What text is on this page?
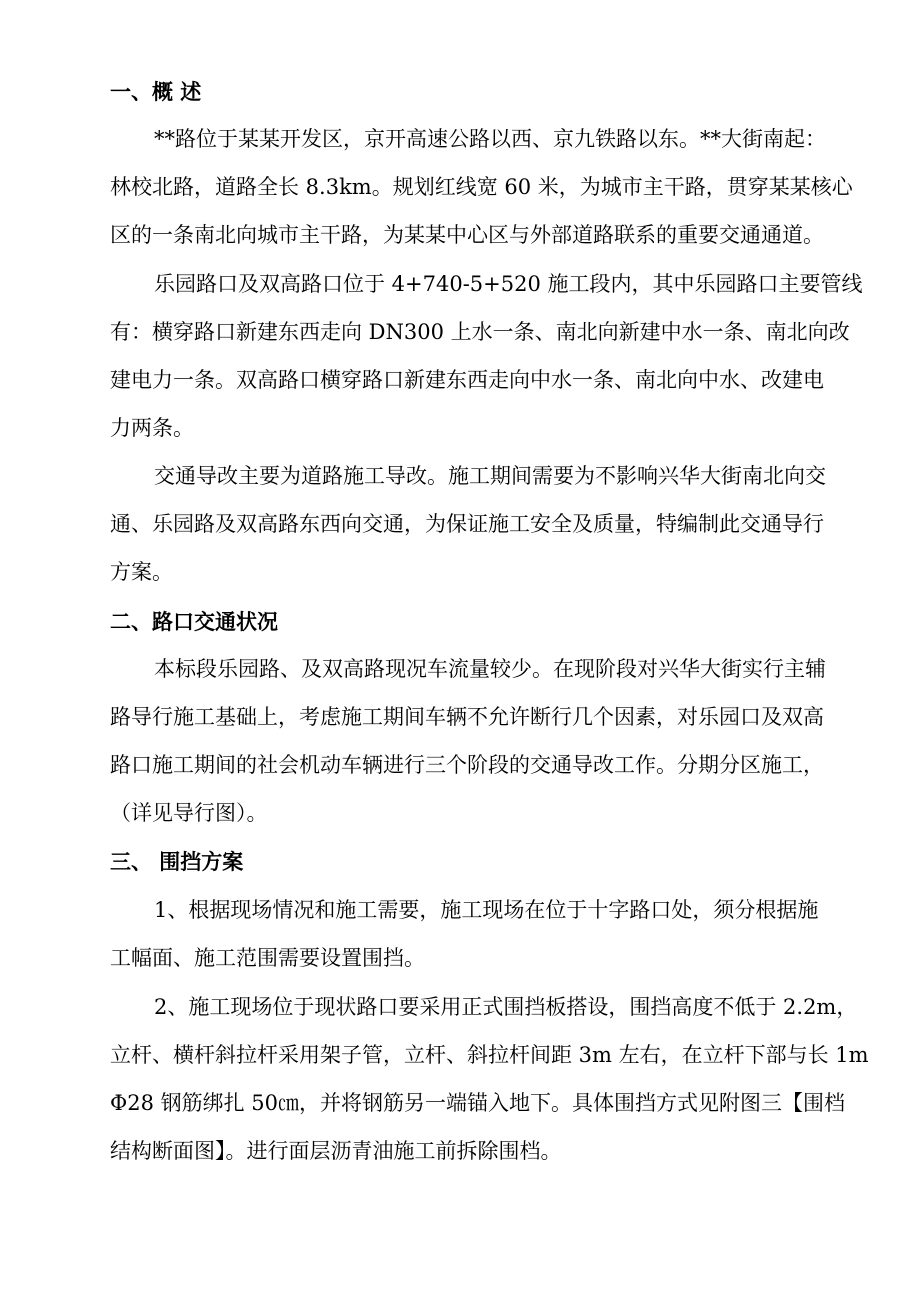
一、概 述

**路位于某某开发区，京开高速公路以西、京九铁路以东。**大街南起：

林校北路，道路全长 8.3km。规划红线宽 60 米，为城市主干路，贯穿某某核心

区的一条南北向城市主干路，为某某中心区与外部道路联系的重要交通通道。

乐园路口及双高路口位于 4+740-5+520 施工段内，其中乐园路口主要管线

有：横穿路口新建东西走向 DN300 上水一条、南北向新建中水一条、南北向改

建电力一条。双高路口横穿路口新建东西走向中水一条、南北向中水、改建电

力两条。

交通导改主要为道路施工导改。施工期间需要为不影响兴华大街南北向交

通、乐园路及双高路东西向交通，为保证施工安全及质量，特编制此交通导行

方案。

二、路口交通状况

本标段乐园路、及双高路现况车流量较少。在现阶段对兴华大街实行主辅

路导行施工基础上，考虑施工期间车辆不允许断行几个因素，对乐园口及双高

路口施工期间的社会机动车辆进行三个阶段的交通导改工作。分期分区施工，

（详见导行图）。

三、 围挡方案

1、根据现场情况和施工需要，施工现场在位于十字路口处，须分根据施

工幅面、施工范围需要设置围挡。

2、施工现场位于现状路口要采用正式围挡板搭设，围挡高度不低于 2.2m，

立杆、横杆斜拉杆采用架子管，立杆、斜拉杆间距 3m 左右，在立杆下部与长 1m

Φ28 钢筋绑扎 50㎝，并将钢筋另一端锚入地下。具体围挡方式见附图三【围档

结构断面图】。进行面层沥青油施工前拆除围档。
